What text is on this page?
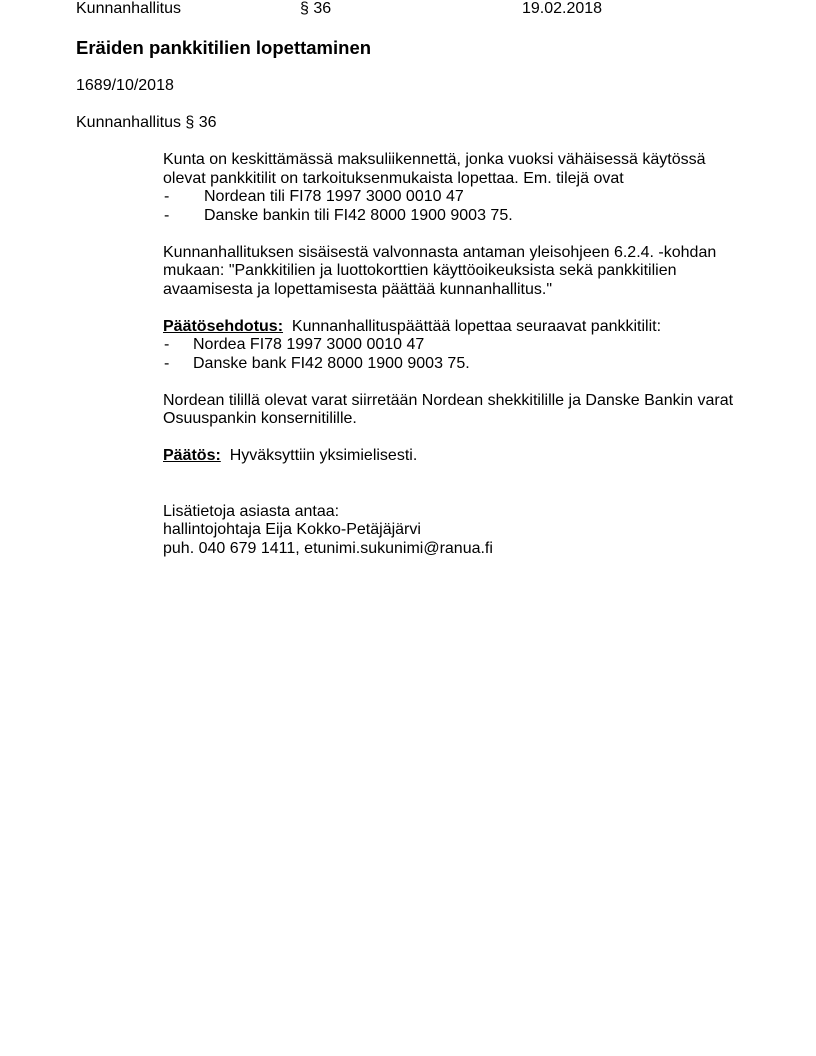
Kunnanhallitus	§ 36	19.02.2018
Eräiden pankkitilien lopettaminen
1689/10/2018
Kunnanhallitus § 36

Kunta on keskittämässä maksuliikennettä, jonka vuoksi vähäisessä käytössä

olevat pankkitilit on tarkoituksenmukaista lopettaa. Em. tilejä ovat

- Nordean tili FI78 1997 3000 0010 47
- Danske bankin tili FI42 8000 1900 9003 75.

Kunnanhallituksen sisäisestä valvonnasta antaman yleisohjeen 6.2.4. -kohdan

mukaan: "Pankkitilien ja luottokorttien käyttöoikeuksista sekä pankkitilien

avaamisesta ja lopettamisesta päättää kunnanhallitus."

Päätösehdotus: Kunnanhallituspäättää lopettaa seuraavat pankkitilit:

- Nordea FI78 1997 3000 0010 47
- Danske bank FI42 8000 1900 9003 75.

Nordean tilillä olevat varat siirretään Nordean shekkitilille ja Danske Bankin varat

Osuuspankin konsernitilille.

Päätös: Hyväksyttiin yksimielisesti.

Lisätietoja asiasta antaa:

hallintojohtaja Eija Kokko-Petäjäjärvi

puh. 040 679 1411, etunimi.sukunimi@ranua.fi
